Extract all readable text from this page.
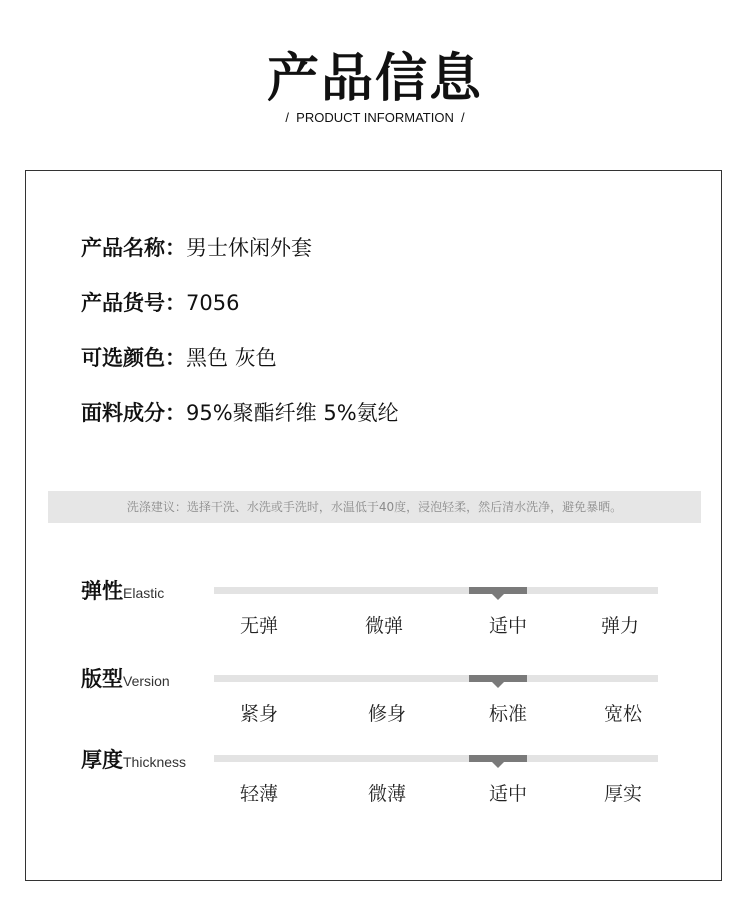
产品信息
/  PRODUCT INFORMATION  /
产品名称：男士休闲外套
产品货号：7056
可选颜色：黑色 灰色
面料成分：95%聚酯纤维 5%氨纶
洗涤建议：选择干洗、水洗或手洗时，水温低于40度，浸泡轻柔，然后清水洗净，避免暴晒。
弹性Elastic
无弹	微弹	适中	弹力
版型Version
紧身	修身	标准	宽松
厚度Thickness
轻薄	微薄	适中	厚实
